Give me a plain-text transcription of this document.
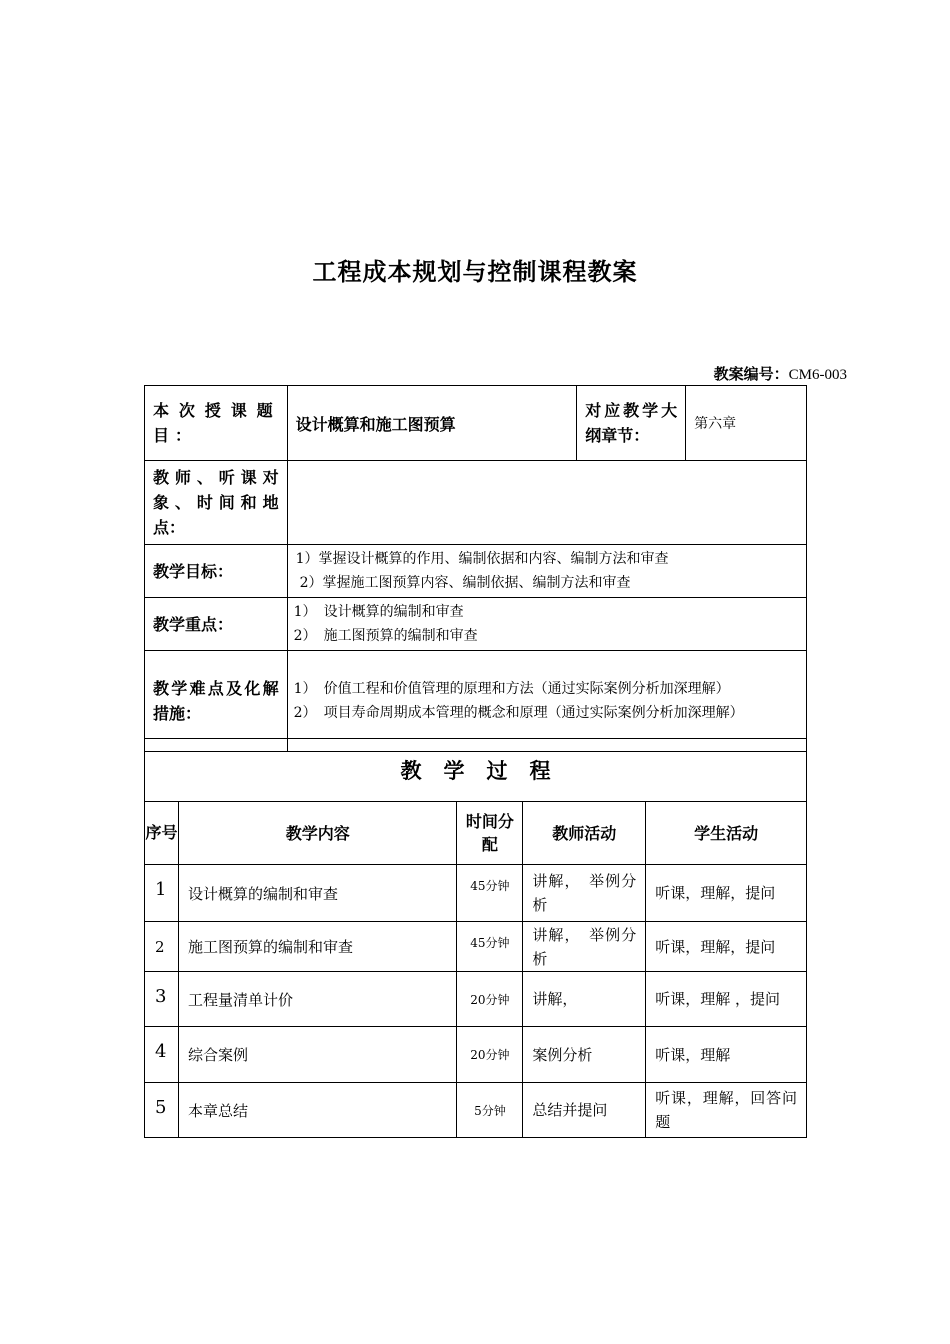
工程成本规划与控制课程教案
教案编号：CM6-003
本次授课题目：	设计概算和施工图预算	对应教学大纲章节：	第六章
教师、听课对象、时间和地点：			
教学目标：	1）掌握设计概算的作用、编制依据和内容、编制方法和审查
2）掌握施工图预算内容、编制依据、编制方法和审查		

教学重点：	1） 设计概算的编制和审查
2） 施工图预算的编制和审查		

教学难点及化解措施：	1） 价值工程和价值管理的原理和方法（通过实际案例分析加深理解）
2） 项目寿命周期成本管理的概念和原理（通过实际案例分析加深理解）		
教学过程				
序号	教学内容	时间分配	教师活动	学生活动
1	设计概算的编制和审查	45分钟	讲解，　举例分析	听课，理解，提问
2	施工图预算的编制和审查	45分钟	讲解，　举例分析	听课，理解，提问
3	工程量清单计价	20分钟	讲解，	听课，理解 ，提问
4	综合案例	20分钟	案例分析	听课，理解
5	本章总结	5分钟	总结并提问	听课，理解，回答问题
